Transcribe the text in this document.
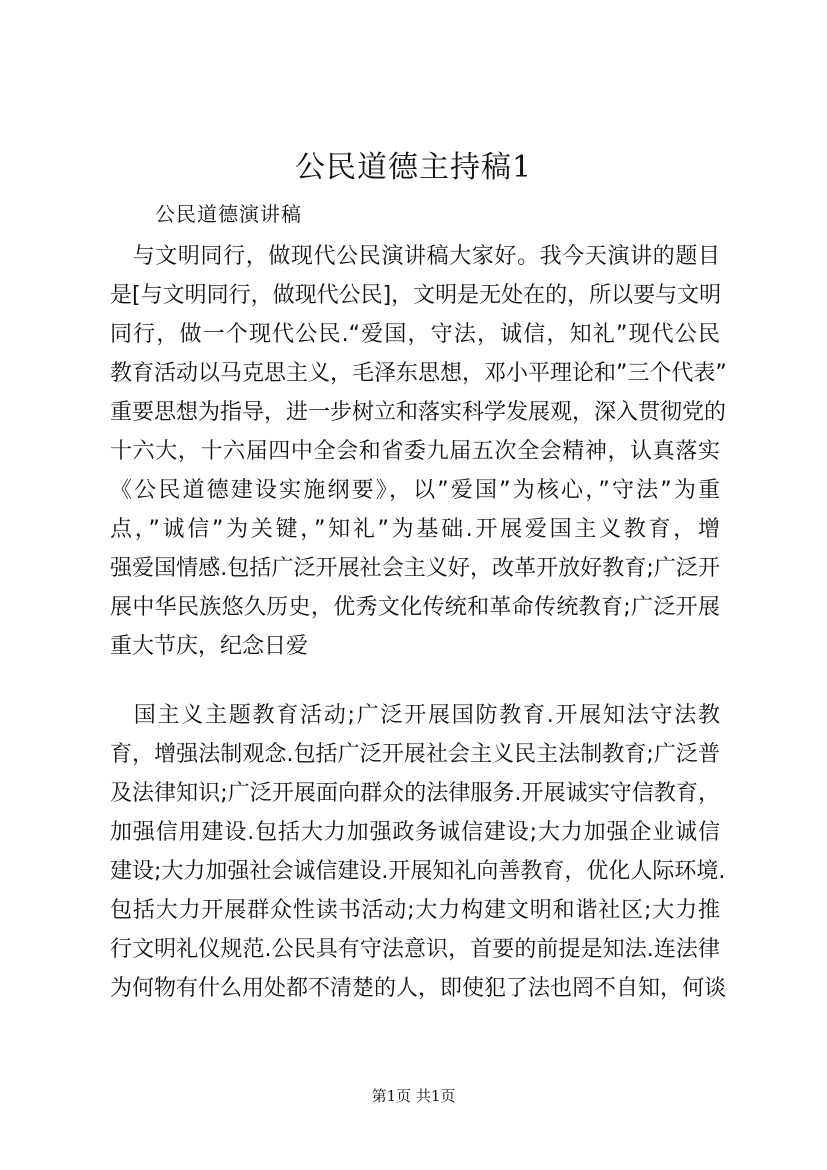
公民道德主持稿1

公民道德演讲稿

　与文明同行，做现代公民演讲稿大家好。我今天演讲的题目
是[与文明同行，做现代公民]，文明是无处在的，所以要与文明
同行，做一个现代公民.“爱国，守法，诚信，知礼”现代公民
教育活动以马克思主义，毛泽东思想，邓小平理论和”三个代表”
重要思想为指导，进一步树立和落实科学发展观，深入贯彻党的
十六大，十六届四中全会和省委九届五次全会精神，认真落实
《公民道德建设实施纲要》，以”爱国”为核心，”守法”为重
点，”诚信”为关键，”知礼”为基础.开展爱国主义教育，增
强爱国情感.包括广泛开展社会主义好，改革开放好教育;广泛开
展中华民族悠久历史，优秀文化传统和革命传统教育;广泛开展
重大节庆，纪念日爱
　国主义主题教育活动;广泛开展国防教育.开展知法守法教
育，增强法制观念.包括广泛开展社会主义民主法制教育;广泛普
及法律知识;广泛开展面向群众的法律服务.开展诚实守信教育，
加强信用建设.包括大力加强政务诚信建设;大力加强企业诚信
建设;大力加强社会诚信建设.开展知礼向善教育，优化人际环境.
包括大力开展群众性读书活动;大力构建文明和谐社区;大力推
行文明礼仪规范.公民具有守法意识，首要的前提是知法.连法律
为何物有什么用处都不清楚的人，即使犯了法也罔不自知，何谈
第1页 共1页
